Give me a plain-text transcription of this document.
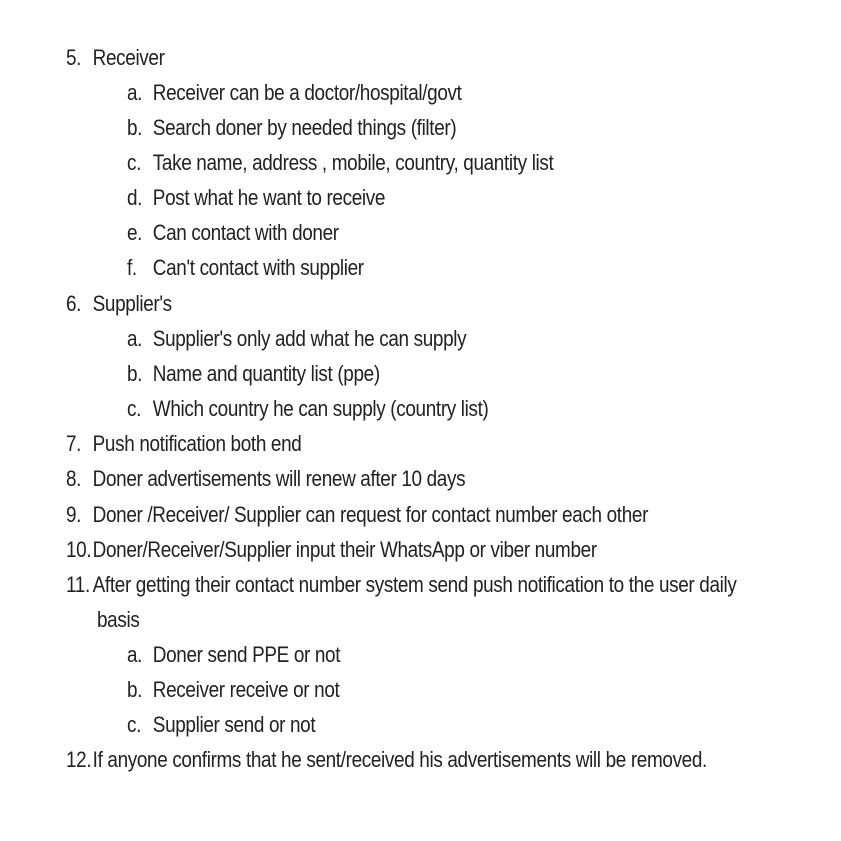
5. Receiver
a. Receiver can be a doctor/hospital/govt
b. Search doner by needed things (filter)
c. Take name, address , mobile, country, quantity list
d. Post what he want to receive
e. Can contact with doner
f. Can't contact with supplier
6. Supplier's
a. Supplier's only add what he can supply
b. Name and quantity list (ppe)
c. Which country he can supply (country list)
7. Push notification both end
8. Doner advertisements will renew after 10 days
9. Doner /Receiver/ Supplier can request for contact number each other
10.Doner/Receiver/Supplier input their WhatsApp or viber number
11. After getting their contact number system send push notification to the user daily
basis
a. Doner send PPE or not
b. Receiver receive or not
c. Supplier send or not
12.If anyone confirms that he sent/received his advertisements will be removed.
